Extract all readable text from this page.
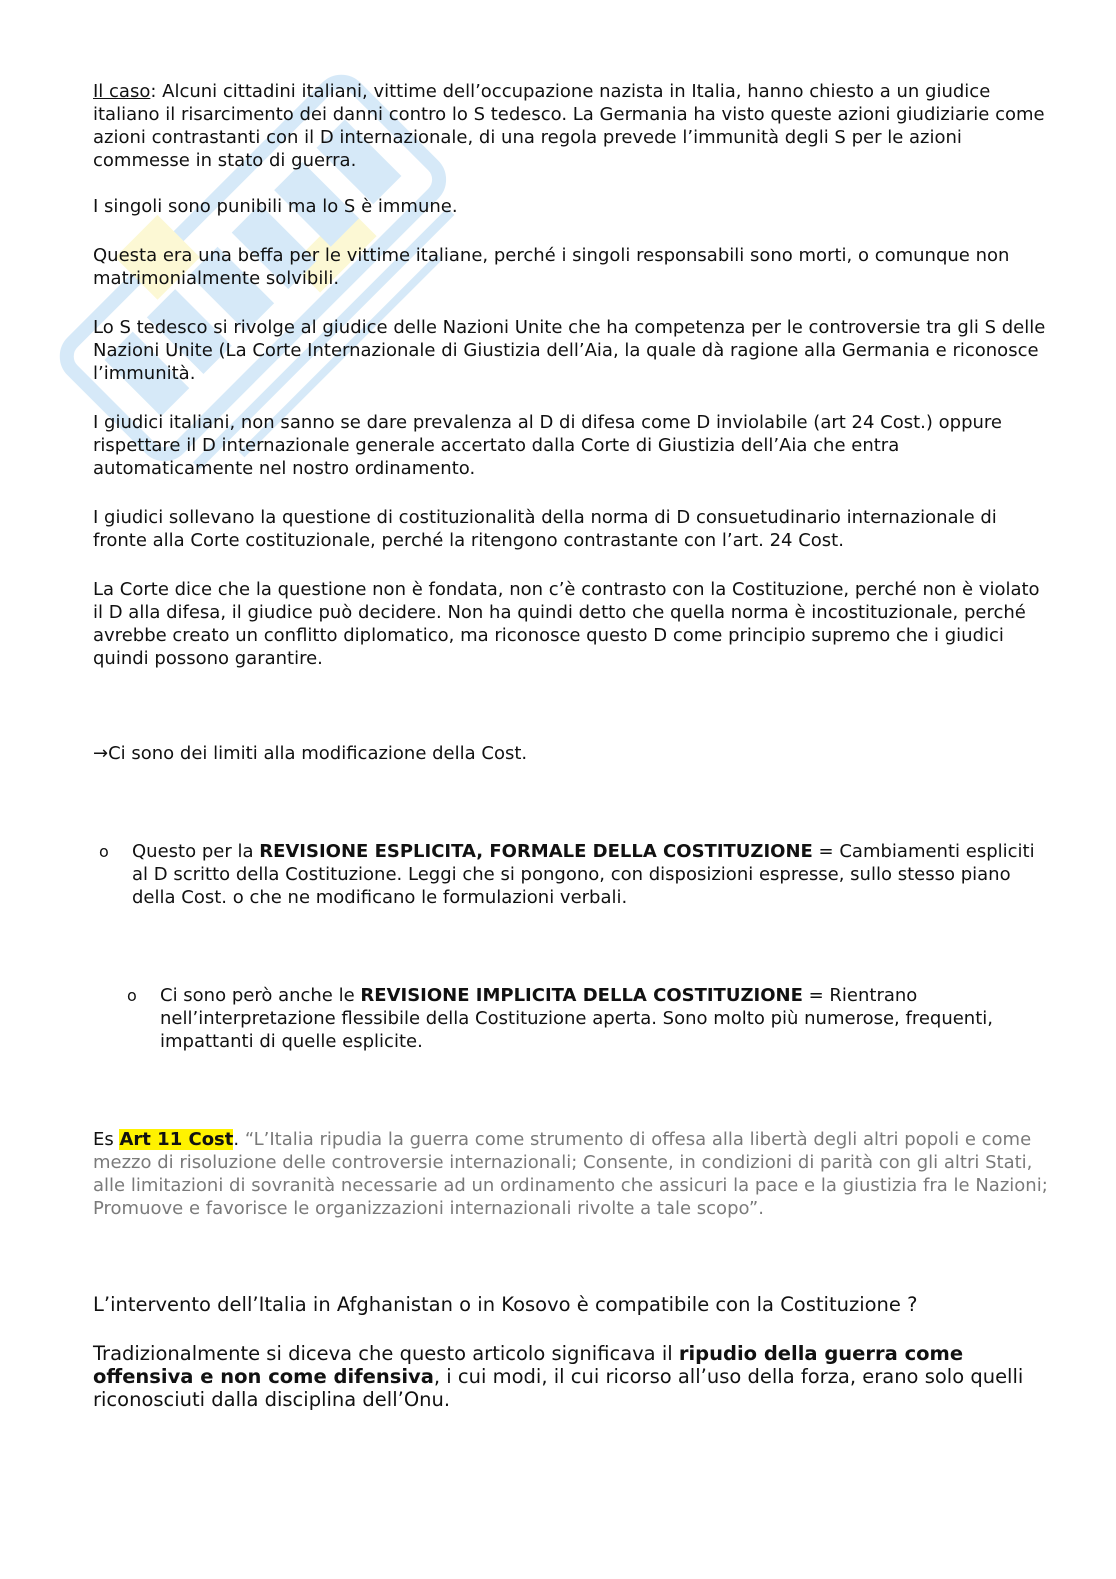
Il caso: Alcuni cittadini italiani, vittime dell’occupazione nazista in Italia, hanno chiesto a un giudice italiano il risarcimento dei danni contro lo S tedesco. La Germania ha visto queste azioni giudiziarie come azioni contrastanti con il D internazionale, di una regola prevede l’immunità degli S per le azioni commesse in stato di guerra.

I singoli sono punibili ma lo S è immune.

Questa era una beffa per le vittime italiane, perché i singoli responsabili sono morti, o comunque non matrimonialmente solvibili.

Lo S tedesco si rivolge al giudice delle Nazioni Unite che ha competenza per le controversie tra gli S delle Nazioni Unite (La Corte Internazionale di Giustizia dell’Aia, la quale dà ragione alla Germania e riconosce l’immunità.

I giudici italiani, non sanno se dare prevalenza al D di difesa come D inviolabile (art 24 Cost.) oppure rispettare il D internazionale generale accertato dalla Corte di Giustizia dell’Aia che entra automaticamente nel nostro ordinamento.

I giudici sollevano la questione di costituzionalità della norma di D consuetudinario internazionale di fronte alla Corte costituzionale, perché la ritengono contrastante con l’art. 24 Cost.

La Corte dice che la questione non è fondata, non c’è contrasto con la Costituzione, perché non è violato il D alla difesa, il giudice può decidere. Non ha quindi detto che quella norma è incostituzionale, perché avrebbe creato un conflitto diplomatico, ma riconosce questo D come principio supremo che i giudici quindi possono garantire.

→Ci sono dei limiti alla modificazione della Cost.

o Questo per la REVISIONE ESPLICITA, FORMALE DELLA COSTITUZIONE = Cambiamenti espliciti al D scritto della Costituzione. Leggi che si pongono, con disposizioni espresse, sullo stesso piano della Cost. o che ne modificano le formulazioni verbali.
o Ci sono però anche le REVISIONE IMPLICITA DELLA COSTITUZIONE = Rientrano nell’interpretazione flessibile della Costituzione aperta. Sono molto più numerose, frequenti, impattanti di quelle esplicite.

Es Art 11 Cost. “L’Italia ripudia la guerra come strumento di offesa alla libertà degli altri popoli e come mezzo di risoluzione delle controversie internazionali; Consente, in condizioni di parità con gli altri Stati, alle limitazioni di sovranità necessarie ad un ordinamento che assicuri la pace e la giustizia fra le Nazioni; Promuove e favorisce le organizzazioni internazionali rivolte a tale scopo”.

L’intervento dell’Italia in Afghanistan o in Kosovo è compatibile con la Costituzione ?

Tradizionalmente si diceva che questo articolo significava il ripudio della guerra come offensiva e non come difensiva, i cui modi, il cui ricorso all’uso della forza, erano solo quelli riconosciuti dalla disciplina dell’Onu.
